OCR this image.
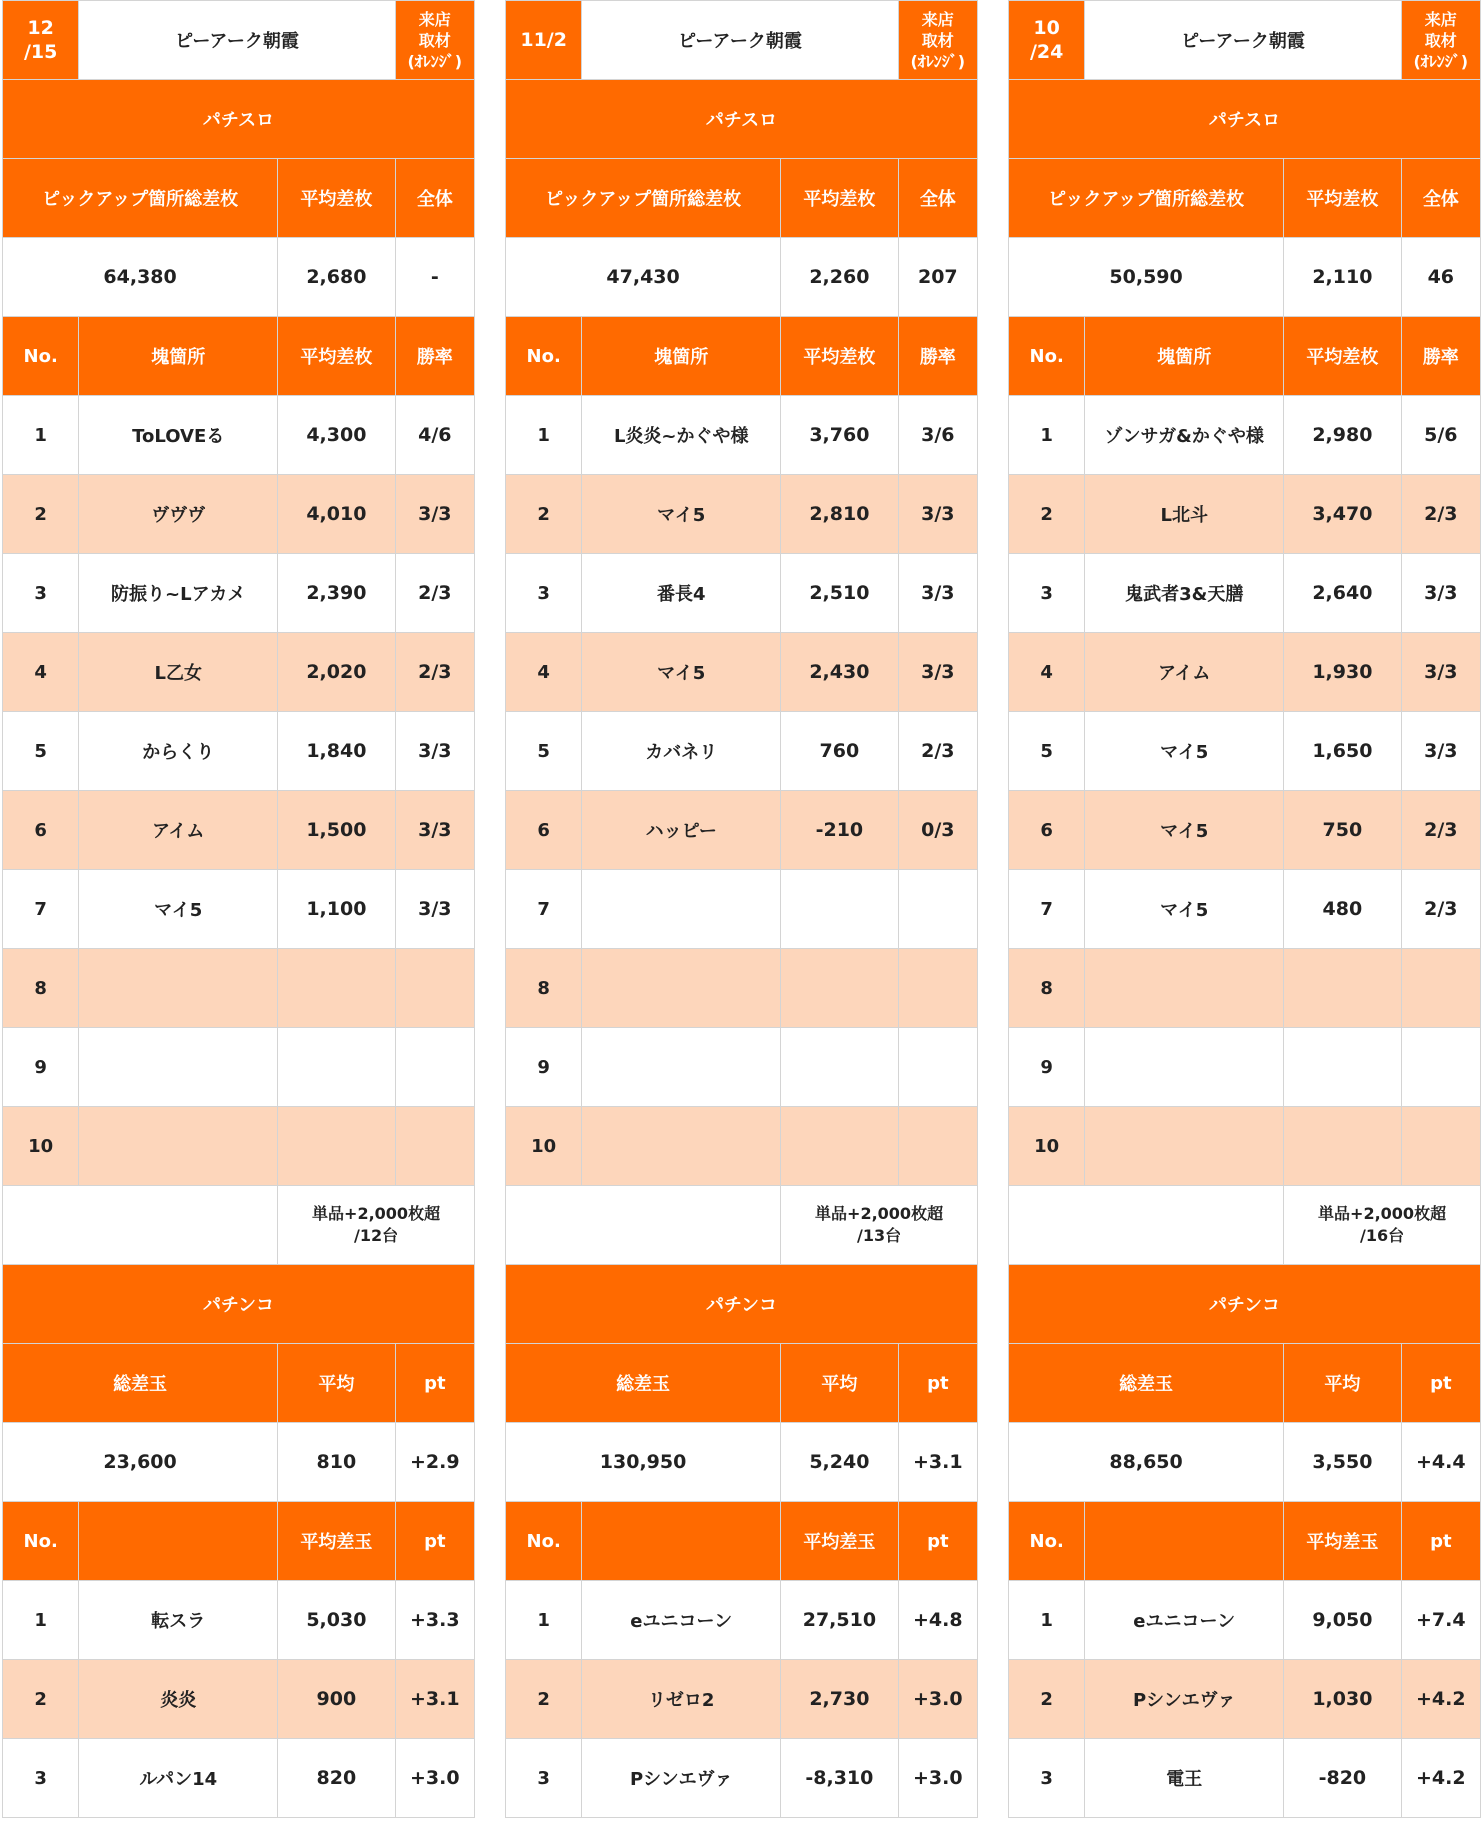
12
/15	ピーアーク朝霞		来店
取材
(ｵﾚﾝｼﾞ)
パチスロ			
ピックアップ箇所総差枚		平均差枚	全体
64,380		2,680	-
No.	塊箇所	平均差枚	勝率
1	ToLOVEる	4,300	4/6
2	ヴヴヴ	4,010	3/3
3	防振り~Lアカメ	2,390	2/3
4	L乙女	2,020	2/3
5	からくり	1,840	3/3
6	アイム	1,500	3/3
7	マイ5	1,100	3/3
8			
9			
10			
		単品+2,000枚超
/12台	
パチンコ			
総差玉		平均	pt
23,600		810	+2.9
No.		平均差玉	pt
1	転スラ	5,030	+3.3
2	炎炎	900	+3.1
3	ルパン14	820	+3.0
11/2	ピーアーク朝霞		来店
取材
(ｵﾚﾝｼﾞ)
パチスロ			
ピックアップ箇所総差枚		平均差枚	全体
47,430		2,260	207
No.	塊箇所	平均差枚	勝率
1	L炎炎~かぐや様	3,760	3/6
2	マイ5	2,810	3/3
3	番長4	2,510	3/3
4	マイ5	2,430	3/3
5	カバネリ	760	2/3
6	ハッピー	-210	0/3
7			
8			
9			
10			
		単品+2,000枚超
/13台	
パチンコ			
総差玉		平均	pt
130,950		5,240	+3.1
No.		平均差玉	pt
1	eユニコーン	27,510	+4.8
2	リゼロ2	2,730	+3.0
3	Pシンエヴァ	-8,310	+3.0
10
/24	ピーアーク朝霞		来店
取材
(ｵﾚﾝｼﾞ)
パチスロ			
ピックアップ箇所総差枚		平均差枚	全体
50,590		2,110	46
No.	塊箇所	平均差枚	勝率
1	ゾンサガ&かぐや様	2,980	5/6
2	L北斗	3,470	2/3
3	鬼武者3&天膳	2,640	3/3
4	アイム	1,930	3/3
5	マイ5	1,650	3/3
6	マイ5	750	2/3
7	マイ5	480	2/3
8			
9			
10			
		単品+2,000枚超
/16台	
パチンコ			
総差玉		平均	pt
88,650		3,550	+4.4
No.		平均差玉	pt
1	eユニコーン	9,050	+7.4
2	Pシンエヴァ	1,030	+4.2
3	電王	-820	+4.2
